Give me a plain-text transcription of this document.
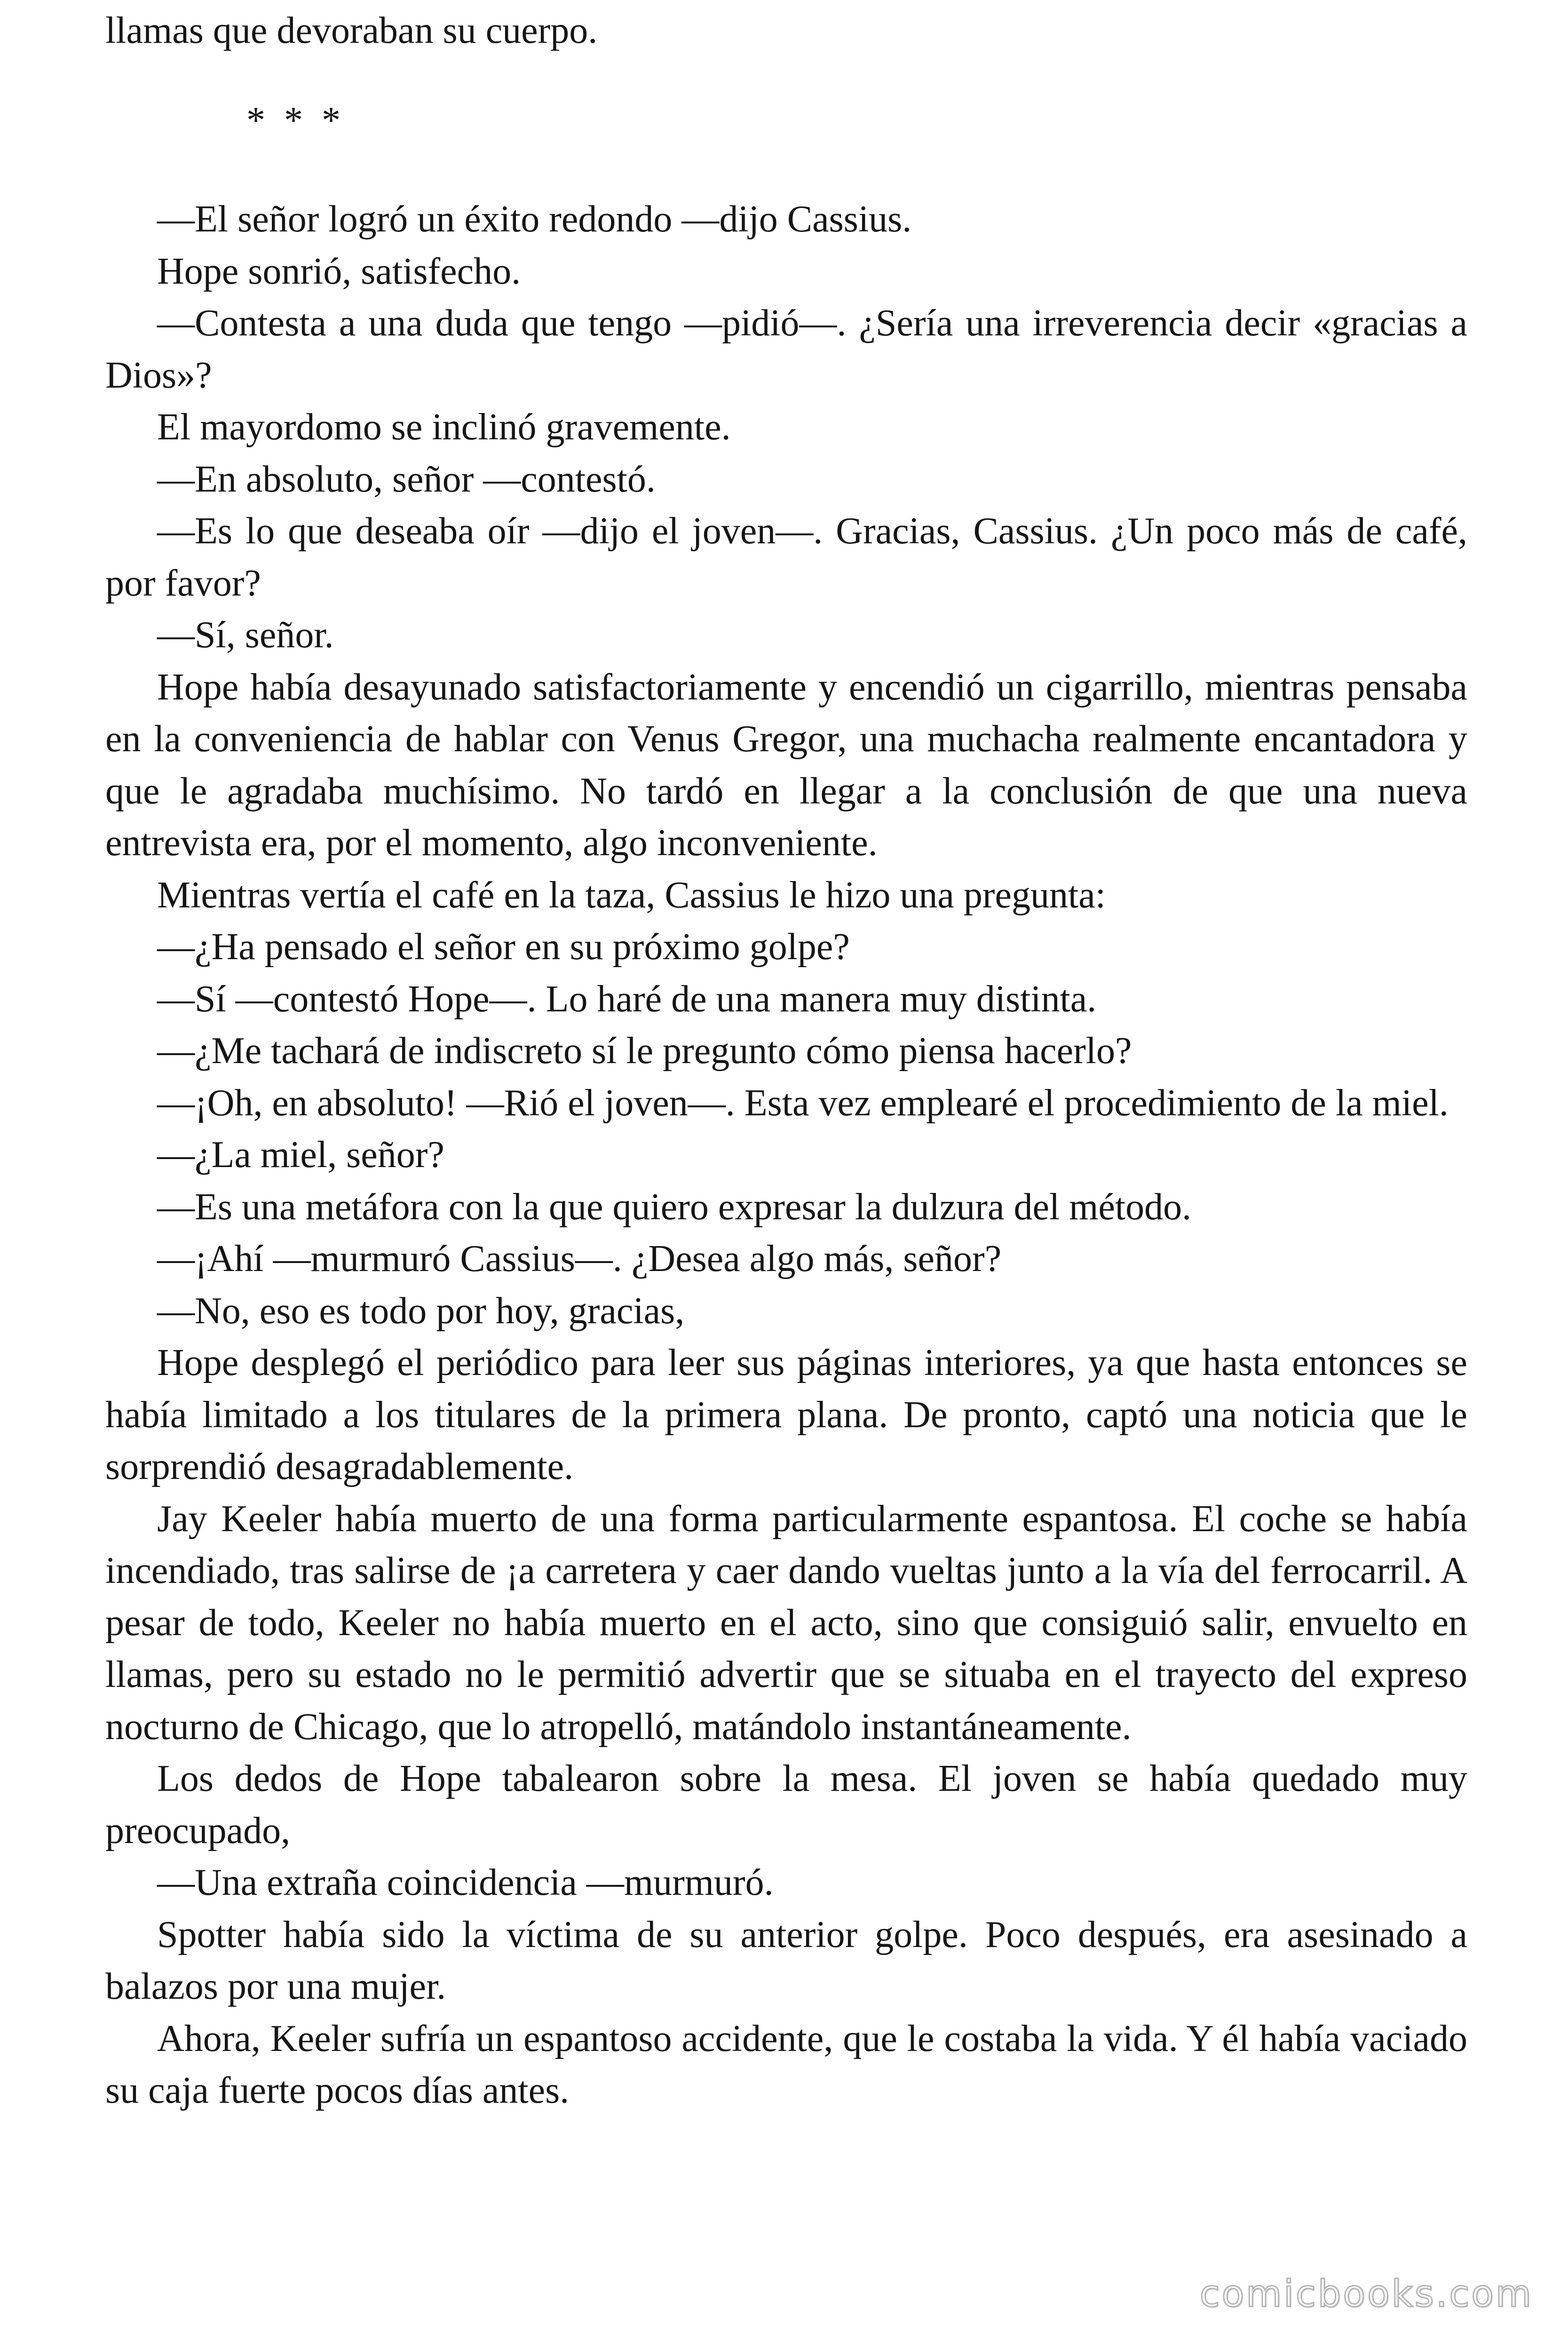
llamas que devoraban su cuerpo.

* * *

—El señor logró un éxito redondo —dijo Cassius.

Hope sonrió, satisfecho.

—Contesta a una duda que tengo —pidió—. ¿Sería una irreverencia decir «gracias a Dios»?

El mayordomo se inclinó gravemente.

—En absoluto, señor —contestó.

—Es lo que deseaba oír —dijo el joven—. Gracias, Cassius. ¿Un poco más de café, por favor?

—Sí, señor.

Hope había desayunado satisfactoriamente y encendió un cigarrillo, mientras pensaba en la conveniencia de hablar con Venus Gregor, una muchacha realmente encantadora y que le agradaba muchísimo. No tardó en llegar a la conclusión de que una nueva entrevista era, por el momento, algo inconveniente.

Mientras vertía el café en la taza, Cassius le hizo una pregunta:

—¿Ha pensado el señor en su próximo golpe?

—Sí —contestó Hope—. Lo haré de una manera muy distinta.

—¿Me tachará de indiscreto sí le pregunto cómo piensa hacerlo?

—¡Oh, en absoluto! —Rió el joven—. Esta vez emplearé el procedimiento de la miel.

—¿La miel, señor?

—Es una metáfora con la que quiero expresar la dulzura del método.

—¡Ahí —murmuró Cassius—. ¿Desea algo más, señor?

—No, eso es todo por hoy, gracias,

Hope desplegó el periódico para leer sus páginas interiores, ya que hasta entonces se había limitado a los titulares de la primera plana. De pronto, captó una noticia que le sorprendió desagradablemente.

Jay Keeler había muerto de una forma particularmente espantosa. El coche se había incendiado, tras salirse de ¡a carretera y caer dando vueltas junto a la vía del ferrocarril. A pesar de todo, Keeler no había muerto en el acto, sino que consiguió salir, envuelto en llamas, pero su estado no le permitió advertir que se situaba en el trayecto del expreso nocturno de Chicago, que lo atropelló, matándolo instantáneamente.

Los dedos de Hope tabalearon sobre la mesa. El joven se había quedado muy preocupado,

—Una extraña coincidencia —murmuró.

Spotter había sido la víctima de su anterior golpe. Poco después, era asesinado a balazos por una mujer.

Ahora, Keeler sufría un espantoso accidente, que le costaba la vida. Y él había vaciado su caja fuerte pocos días antes.

comicbooks.com
